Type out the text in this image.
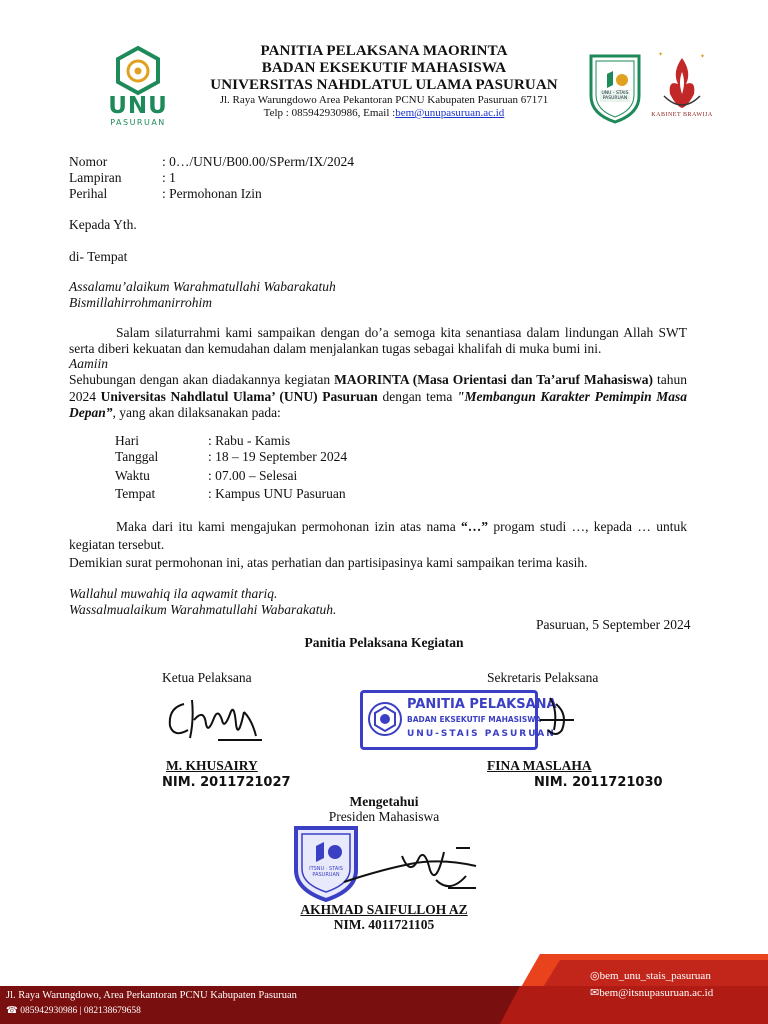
UNU
PASURUAN
UNU - STAIS PASURUAN
✦	✦
KABINET BRAWIJA
PANITIA PELAKSANA MAORINTA
BADAN EKSEKUTIF MAHASISWA
UNIVERSITAS NAHDLATUL ULAMA PASURUAN
Jl. Raya Warungdowo Area Pekantoran PCNU Kabupaten Pasuruan 67171
Telp : 085942930986, Email :bem@unupasuruan.ac.id
Nomor	: 0…/UNU/B00.00/SPerm/IX/2024
Lampiran	: 1
Perihal	: Permohonan Izin
Kepada Yth.
di- Tempat
Assalamu’alaikum Warahmatullahi Wabarakatuh
Bismillahirrohmanirrohim
Salam silaturrahmi kami sampaikan dengan do’a semoga kita senantiasa dalam lindungan Allah SWT serta diberi kekuatan dan kemudahan dalam menjalankan tugas sebagai khalifah di muka bumi ini.
Aamiin
Sehubungan dengan akan diadakannya kegiatan MAORINTA (Masa Orientasi dan Ta’aruf Mahasiswa) tahun 2024 Universitas Nahdlatul Ulama’ (UNU) Pasuruan dengan tema "Membangun Karakter Pemimpin Masa Depan”, yang akan dilaksanakan pada:
Hari	: Rabu - Kamis
Tanggal	: 18 – 19 September 2024
Waktu	: 07.00 – Selesai
Tempat	: Kampus UNU Pasuruan
Maka dari itu kami mengajukan permohonan izin atas nama “…” progam studi …, kepada … untuk kegiatan tersebut.
Demikian surat permohonan ini, atas perhatian dan partisipasinya kami sampaikan terima kasih.
Wallahul muwahiq ila aqwamit thariq.
Wassalmualaikum Warahmatullahi Wabarakatuh.
Pasuruan, 5 September 2024
Panitia Pelaksana Kegiatan
Ketua Pelaksana	Sekretaris Pelaksana
PANITIA PELAKSANA
BADAN EKSEKUTIF MAHASISWA
UNU-STAIS PASURUAN
M. KHUSAIRY	FINA MASLAHA
NIM. 2011721027	NIM. 2011721030
Mengetahui
Presiden Mahasiswa
ITSNU · STAIS PASURUAN
AKHMAD SAIFULLOH AZ
NIM. 4011721105
Jl. Raya Warungdowo, Area Perkantoran PCNU Kabupaten Pasuruan
☎ 085942930986 | 082138679658
◎bem_unu_stais_pasuruan
✉bem@itsnupasuruan.ac.id
